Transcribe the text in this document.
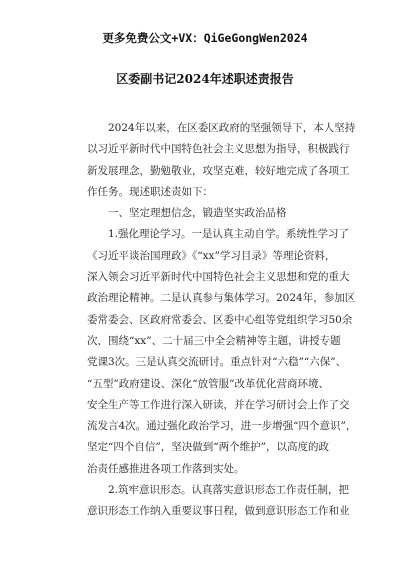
更多免费公文+VX：QiGeGongWen2024
区委副书记2024年述职述责报告
2024年以来，在区委区政府的坚强领导下，本人坚持
以习近平新时代中国特色社会主义思想为指导，积极践行
新发展理念，勤勉敬业，攻坚克难，较好地完成了各项工
作任务。现述职述责如下：
一、坚定理想信念，锻造坚实政治品格
1.强化理论学习。一是认真主动自学。系统性学习了
《习近平谈治国理政》《“xx”学习目录》等理论资料，
深入领会习近平新时代中国特色社会主义思想和党的重大
政治理论精神。二是认真参与集体学习。2024年，参加区
委常委会、区政府常委会、区委中心组等党组织学习50余
次，围绕“xx”、二十届三中全会精神等主题，讲授专题
党课3次。三是认真交流研讨。重点针对“六稳”“六保”、
“五型”政府建设、深化“放管服”改革优化营商环境、
安全生产等工作进行深入研读，并在学习研讨会上作了交
流发言4次。通过强化政治学习，进一步增强“四个意识”，
坚定“四个自信”，坚决做到“两个维护”，以高度的政
治责任感推进各项工作落到实处。
2.筑牢意识形态。认真落实意识形态工作责任制，把
意识形态工作纳入重要议事日程，做到意识形态工作和业
